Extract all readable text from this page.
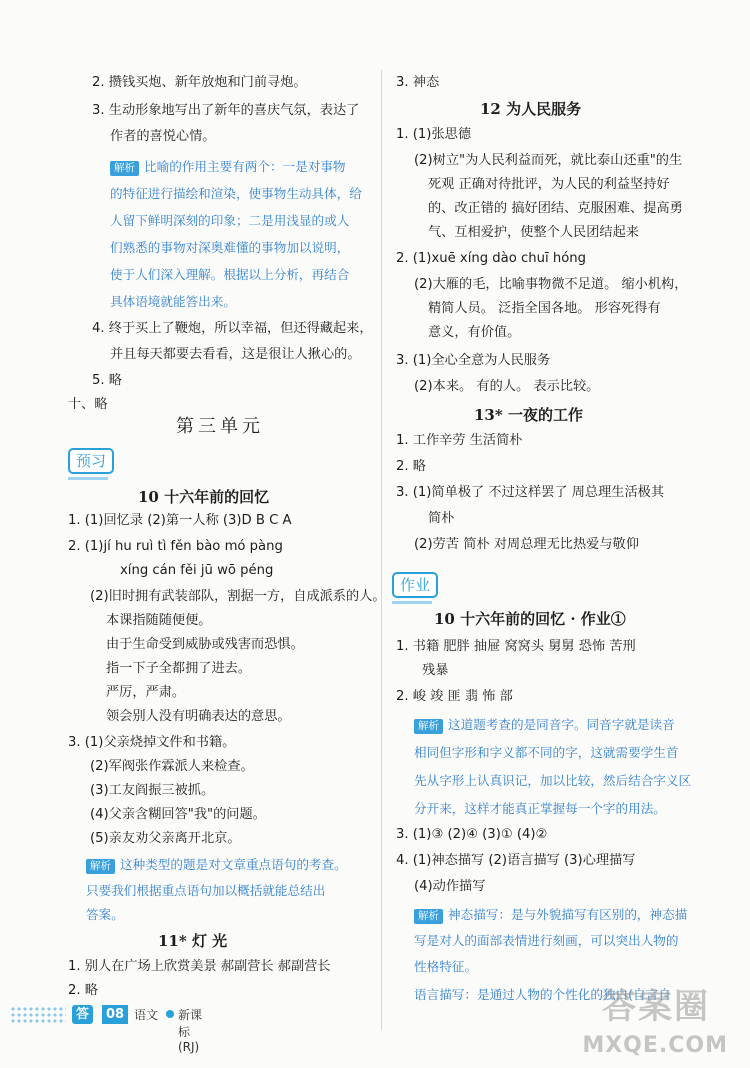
2. 攒钱买炮、新年放炮和门前寻炮。
3. 生动形象地写出了新年的喜庆气氛，表达了
作者的喜悦心情。
解析 比喻的作用主要有两个：一是对事物
的特征进行描绘和渲染，使事物生动具体，给
人留下鲜明深刻的印象；二是用浅显的或人
们熟悉的事物对深奥难懂的事物加以说明，
使于人们深入理解。根据以上分析，再结合
具体语境就能答出来。
4. 终于买上了鞭炮，所以幸福，但还得藏起来，
并且每天都要去看看，这是很让人揪心的。
5. 略
十、略
第三单元
预习
10 十六年前的回忆
1. (1)回忆录 (2)第一人称 (3)D B C A
2. (1)jí hu ruì tì fěn bào mó pàng
xíng cán fěi jū wō péng
(2)旧时拥有武装部队，割据一方，自成派系的人。
本课指随随便便。
由于生命受到威胁或残害而恐惧。
指一下子全都拥了进去。
严厉，严肃。
领会别人没有明确表达的意思。
3. (1)父亲烧掉文件和书籍。
(2)军阀张作霖派人来检查。
(3)工友阎振三被抓。
(4)父亲含糊回答"我"的问题。
(5)亲友劝父亲离开北京。
解析 这种类型的题是对文章重点语句的考查。
只要我们根据重点语句加以概括就能总结出
答案。
11* 灯 光
1. 别人在广场上欣赏美景 郝副营长 郝副营长
2. 略
3. 神态
12 为人民服务
1. (1)张思德
(2)树立"为人民利益而死，就比泰山还重"的生
死观 正确对待批评，为人民的利益坚持好
的、改正错的 搞好团结、克服困难、提高勇
气、互相爱护，使整个人民团结起来
2. (1)xuē xíng dào chuī hóng
(2)大雁的毛，比喻事物微不足道。 缩小机构，
精简人员。 泛指全国各地。 形容死得有
意义，有价值。
3. (1)全心全意为人民服务
(2)本来。 有的人。 表示比较。
13* 一夜的工作
1. 工作辛劳 生活简朴
2. 略
3. (1)简单极了 不过这样罢了 周总理生活极其
简朴
(2)劳苦 简朴 对周总理无比热爱与敬仰
作业
10 十六年前的回忆 · 作业①
1. 书籍 肥胖 抽屉 窝窝头 舅舅 恐怖 苦刑
残暴
2. 峻 竣 匪 翡 怖 部
解析 这道题考查的是同音字。同音字就是读音
相同但字形和字义都不同的字，这就需要学生首
先从字形上认真识记，加以比较，然后结合字义区
分开来，这样才能真正掌握每一个字的用法。
3. (1)③ (2)④ (3)① (4)②
4. (1)神态描写 (2)语言描写 (3)心理描写
(4)动作描写
解析 神态描写：是与外貌描写有区别的，神态描
写是对人的面部表情进行刻画，可以突出人物的
性格特征。
语言描写：是通过人物的个性化的独白(自言自
答	08 语文 新课标(RJ)
答案圈
MXQE.COM
